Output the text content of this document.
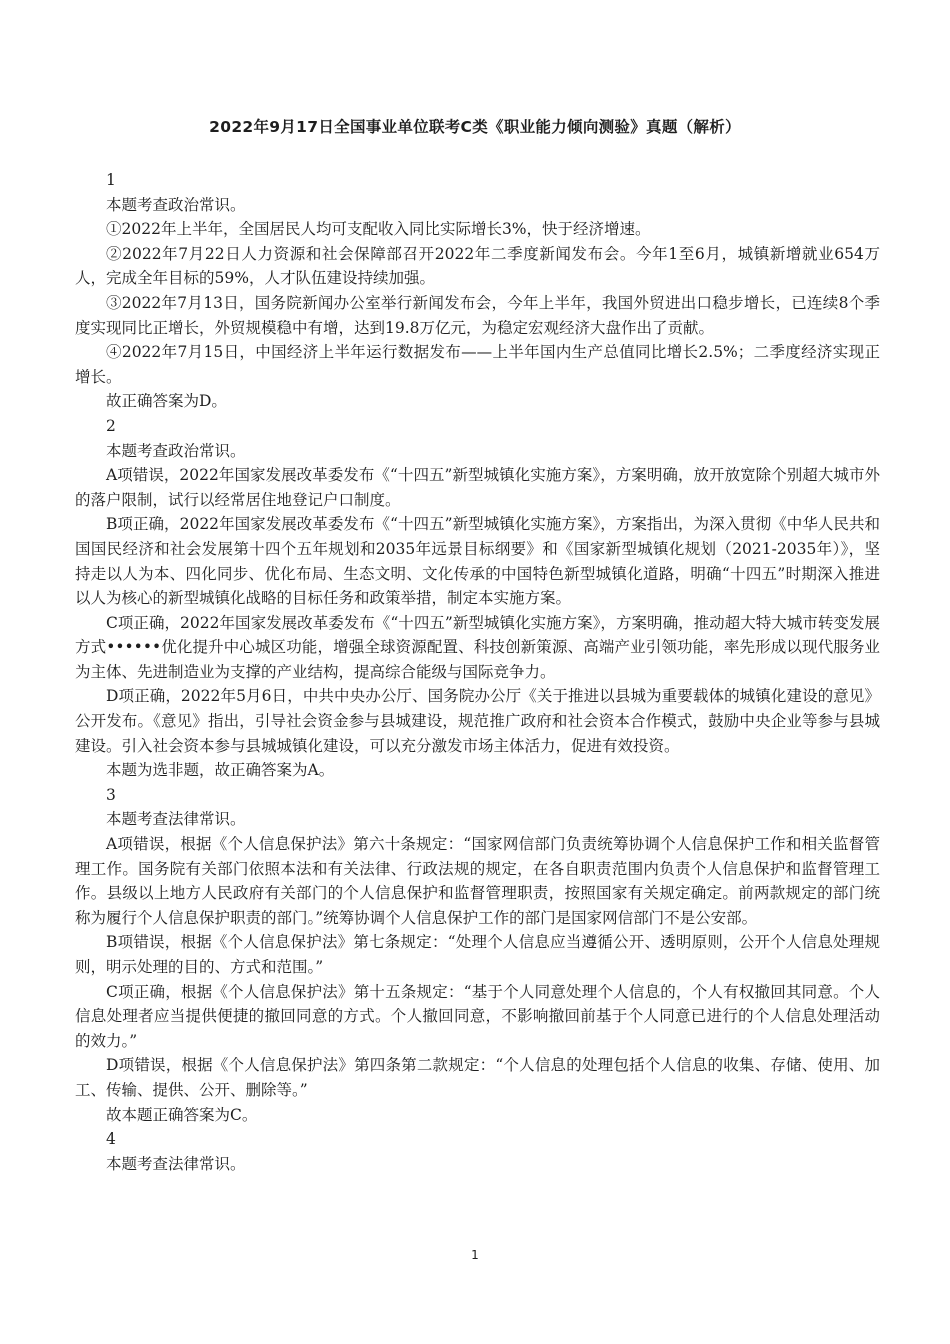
2022年9月17日全国事业单位联考C类《职业能力倾向测验》真题（解析）

1

本题考查政治常识。

①2022年上半年，全国居民人均可支配收入同比实际增长3%，快于经济增速。

②2022年7月22日人力资源和社会保障部召开2022年二季度新闻发布会。今年1至6月，城镇新增就业654万人，完成全年目标的59%，人才队伍建设持续加强。

③2022年7月13日，国务院新闻办公室举行新闻发布会，今年上半年，我国外贸进出口稳步增长，已连续8个季度实现同比正增长，外贸规模稳中有增，达到19.8万亿元，为稳定宏观经济大盘作出了贡献。

④2022年7月15日，中国经济上半年运行数据发布——上半年国内生产总值同比增长2.5%；二季度经济实现正增长。

故正确答案为D。

2

本题考查政治常识。

A项错误，2022年国家发展改革委发布《“十四五”新型城镇化实施方案》，方案明确，放开放宽除个别超大城市外的落户限制，试行以经常居住地登记户口制度。

B项正确，2022年国家发展改革委发布《“十四五”新型城镇化实施方案》，方案指出，为深入贯彻《中华人民共和国国民经济和社会发展第十四个五年规划和2035年远景目标纲要》和《国家新型城镇化规划（2021-2035年）》，坚持走以人为本、四化同步、优化布局、生态文明、文化传承的中国特色新型城镇化道路，明确“十四五”时期深入推进以人为核心的新型城镇化战略的目标任务和政策举措，制定本实施方案。

C项正确，2022年国家发展改革委发布《“十四五”新型城镇化实施方案》，方案明确，推动超大特大城市转变发展方式••••••优化提升中心城区功能，增强全球资源配置、科技创新策源、高端产业引领功能，率先形成以现代服务业为主体、先进制造业为支撑的产业结构，提高综合能级与国际竞争力。

D项正确，2022年5月6日，中共中央办公厅、国务院办公厅《关于推进以县城为重要载体的城镇化建设的意见》公开发布。《意见》指出，引导社会资金参与县城建设，规范推广政府和社会资本合作模式，鼓励中央企业等参与县城建设。引入社会资本参与县城城镇化建设，可以充分激发市场主体活力，促进有效投资。

本题为选非题，故正确答案为A。

3

本题考查法律常识。

A项错误，根据《个人信息保护法》第六十条规定：“国家网信部门负责统筹协调个人信息保护工作和相关监督管理工作。国务院有关部门依照本法和有关法律、行政法规的规定，在各自职责范围内负责个人信息保护和监督管理工作。县级以上地方人民政府有关部门的个人信息保护和监督管理职责，按照国家有关规定确定。前两款规定的部门统称为履行个人信息保护职责的部门。”统筹协调个人信息保护工作的部门是国家网信部门不是公安部。

B项错误，根据《个人信息保护法》第七条规定：“处理个人信息应当遵循公开、透明原则，公开个人信息处理规则，明示处理的目的、方式和范围。”

C项正确，根据《个人信息保护法》第十五条规定：“基于个人同意处理个人信息的，个人有权撤回其同意。个人信息处理者应当提供便捷的撤回同意的方式。个人撤回同意，不影响撤回前基于个人同意已进行的个人信息处理活动的效力。”

D项错误，根据《个人信息保护法》第四条第二款规定：“个人信息的处理包括个人信息的收集、存储、使用、加工、传输、提供、公开、删除等。”

故本题正确答案为C。

4

本题考查法律常识。

1
